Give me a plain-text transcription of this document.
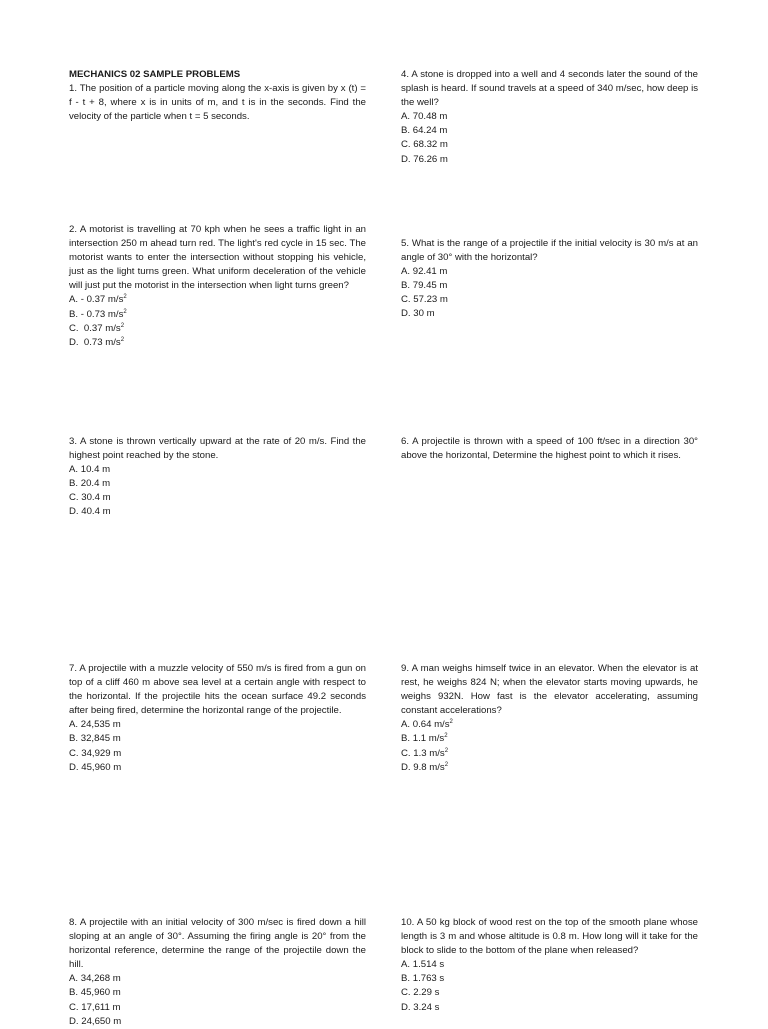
MECHANICS 02 SAMPLE PROBLEMS

1. The position of a particle moving along the x-axis is given by x (t) = f - t + 8, where x is in units of m, and t is in the seconds. Find the velocity of the particle when t = 5 seconds.

2. A motorist is travelling at 70 kph when he sees a traffic light in an intersection 250 m ahead turn red. The light's red cycle in 15 sec. The motorist wants to enter the intersection without stopping his vehicle, just as the light turns green. What uniform deceleration of the vehicle will just put the motorist in the intersection when light turns green?

A. - 0.37 $m/s^2$
B. - 0.73 $m/s^2$
C.  0.37 $m/s^2$
D.  0.73 $m/s^2$

3. A stone is thrown vertically upward at the rate of 20 m/s. Find the highest point reached by the stone.

A. 10.4 m
B. 20.4 m
C. 30.4 m
D. 40.4 m

4. A stone is dropped into a well and 4 seconds later the sound of the splash is heard. If sound travels at a speed of 340 m/sec, how deep is the well?

A. 70.48 m
B. 64.24 m
C. 68.32 m
D. 76.26 m

5. What is the range of a projectile if the initial velocity is 30 m/s at an angle of 30° with the horizontal?

A. 92.41 m
B. 79.45 m
C. 57.23 m
D. 30 m

6. A projectile is thrown with a speed of 100 ft/sec in a direction 30° above the horizontal, Determine the highest point to which it rises.

7. A projectile with a muzzle velocity of 550 m/s is fired from a gun on top of a cliff 460 m above sea level at a certain angle with respect to the horizontal. If the projectile hits the ocean surface 49.2 seconds after being fired, determine the horizontal range of the projectile.

A. 24,535 m
B. 32,845 m
C. 34,929 m
D. 45,960 m

8. A projectile with an initial velocity of 300 m/sec is fired down a hill sloping at an angle of 30°. Assuming the firing angle is 20° from the horizontal reference, determine the range of the projectile down the hill.

A. 34,268 m
B. 45,960 m
C. 17,611 m
D. 24,650 m

9. A man weighs himself twice in an elevator. When the elevator is at rest, he weighs 824 N; when the elevator starts moving upwards, he weighs 932N. How fast is the elevator accelerating, assuming constant accelerations?

A. 0.64 $m/s^2$
B. 1.1 $m/s^2$
C. 1.3 $m/s^2$
D. 9.8 $m/s^2$

10. A 50 kg block of wood rest on the top of the smooth plane whose length is 3 m and whose altitude is 0.8 m. How long will it take for the block to slide to the bottom of the plane when released?

A. 1.514 s
B. 1.763 s
C. 2.29 s
D. 3.24 s
